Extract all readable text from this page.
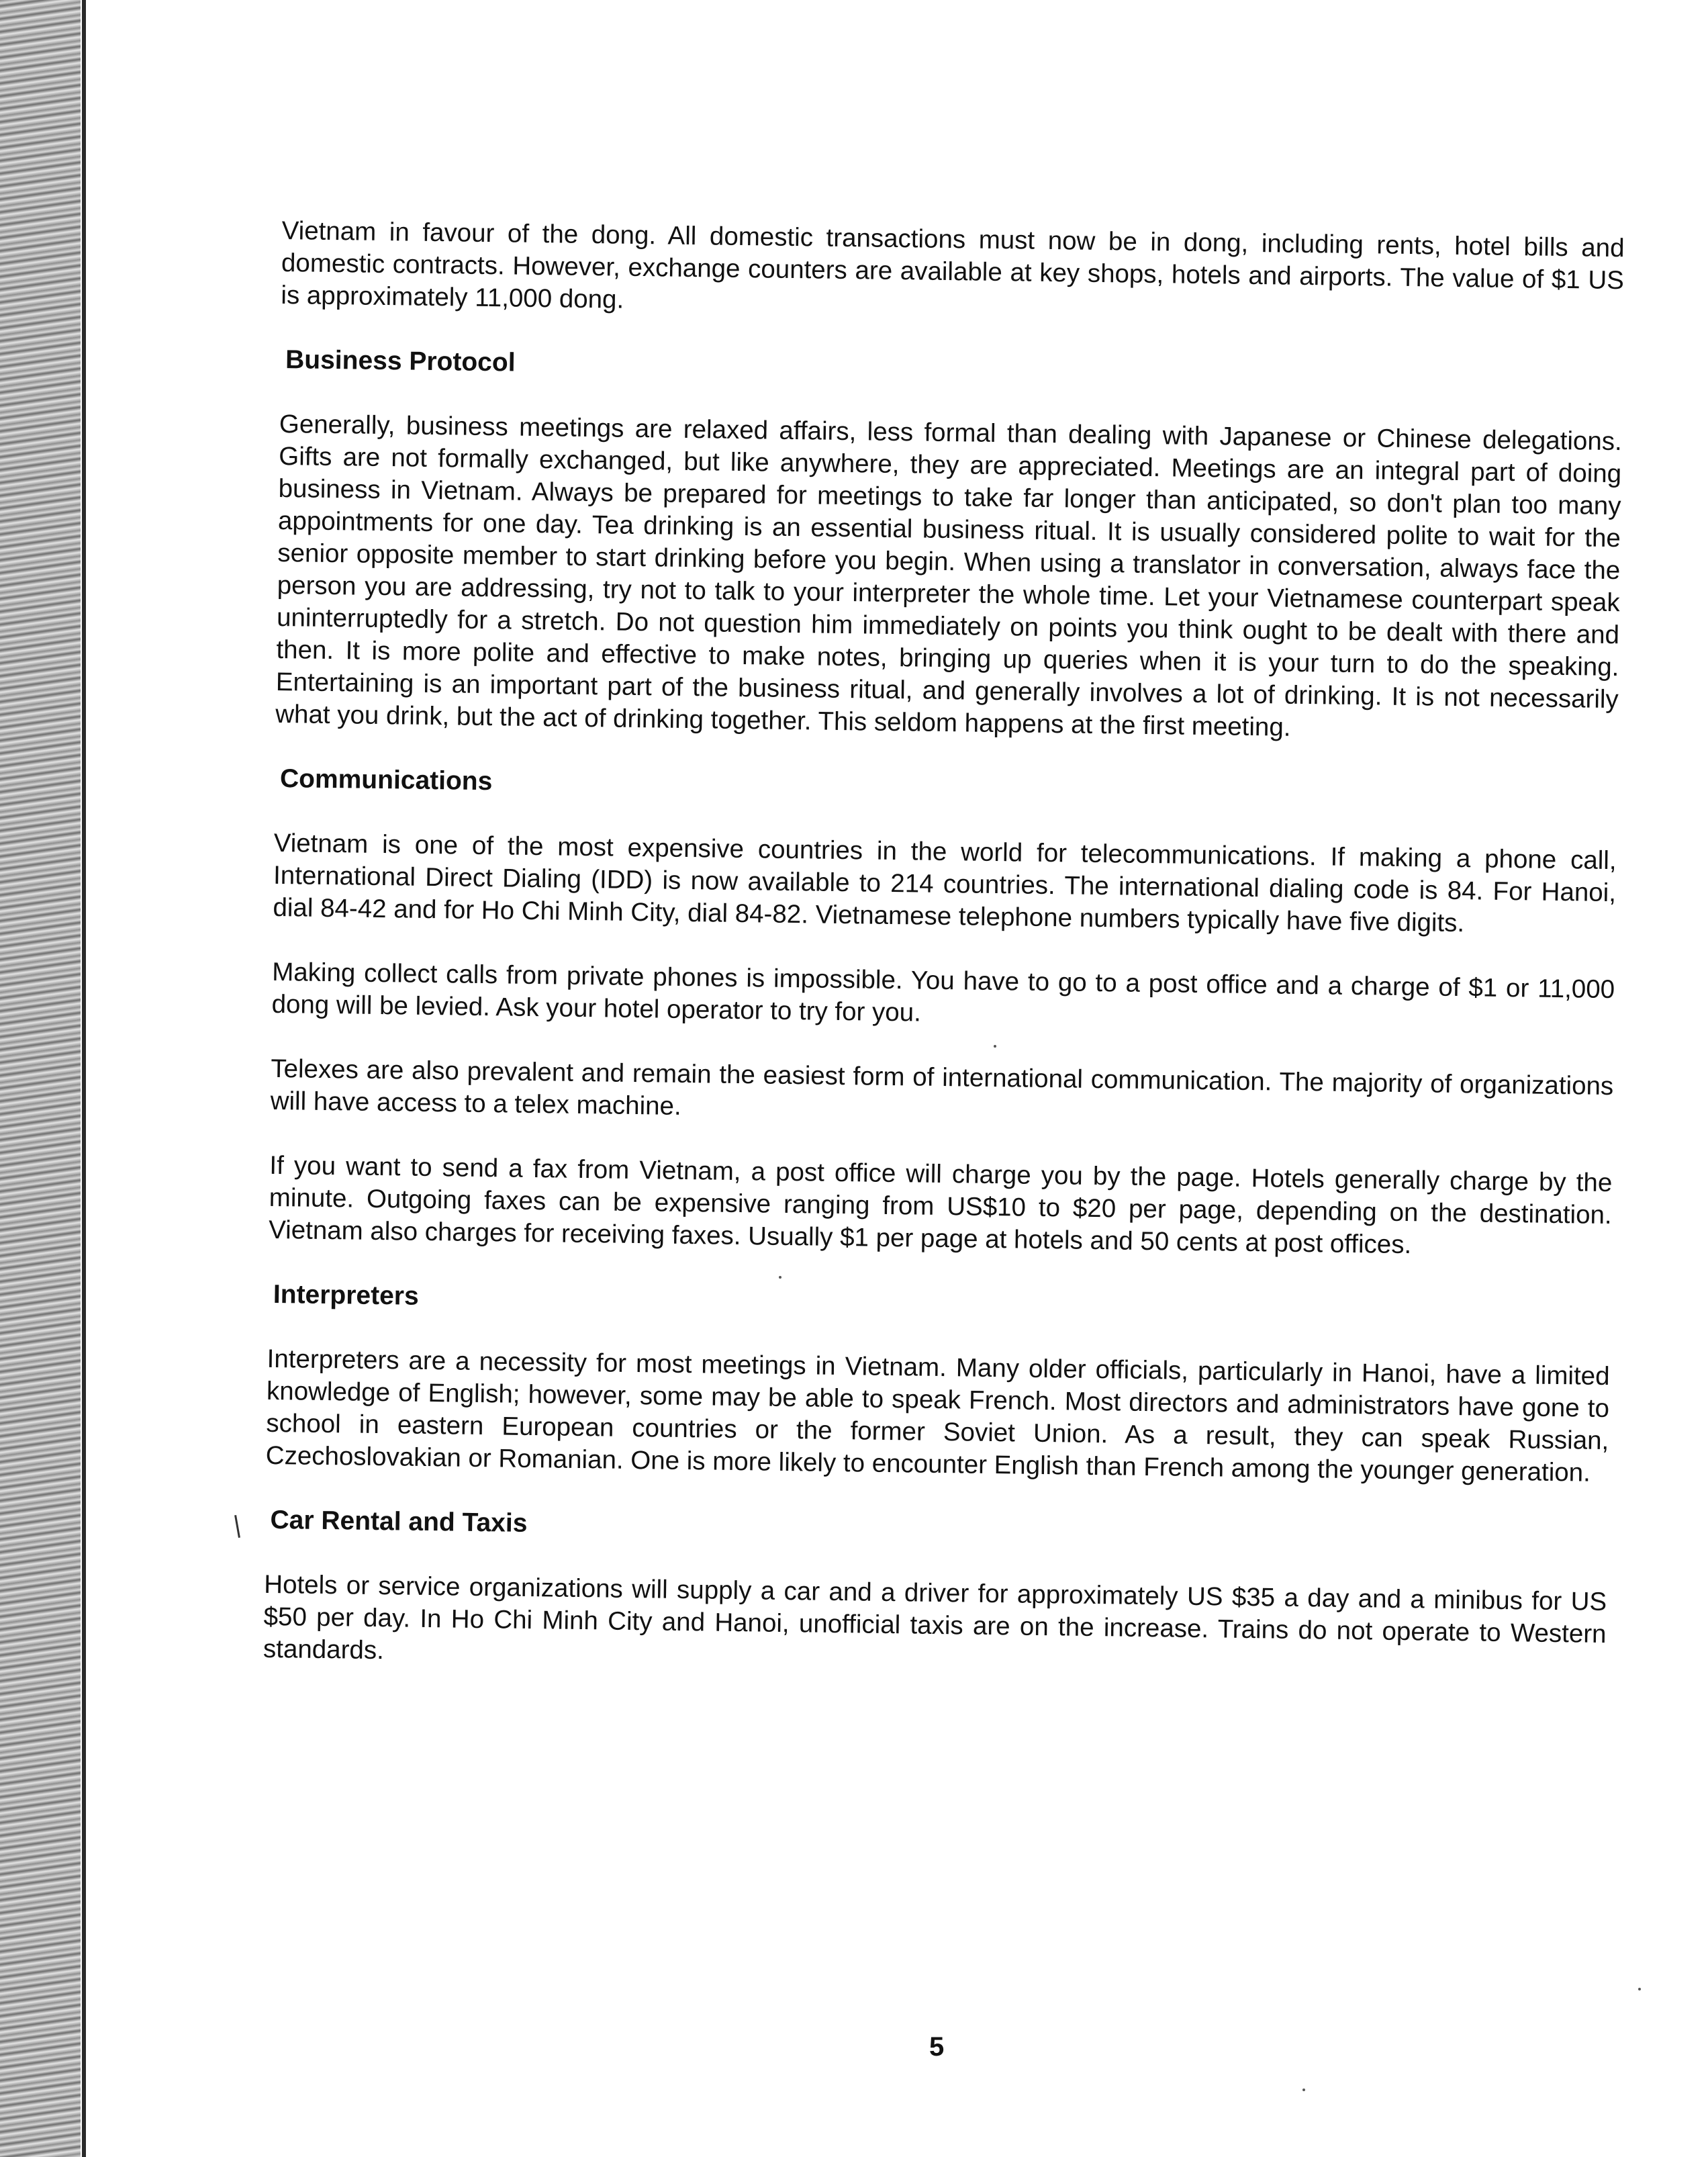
Vietnam in favour of the dong. All domestic transactions must now be in dong, including rents, hotel bills and domestic contracts. However, exchange counters are available at key shops, hotels and airports. The value of $1 US is approximately 11,000 dong.

Business Protocol

Generally, business meetings are relaxed affairs, less formal than dealing with Japanese or Chinese delegations. Gifts are not formally exchanged, but like anywhere, they are appreciated. Meetings are an integral part of doing business in Vietnam. Always be prepared for meetings to take far longer than anticipated, so don't plan too many appointments for one day. Tea drinking is an essential business ritual. It is usually considered polite to wait for the senior opposite member to start drinking before you begin. When using a translator in conversation, always face the person you are addressing, try not to talk to your interpreter the whole time. Let your Vietnamese counterpart speak uninterruptedly for a stretch. Do not question him immediately on points you think ought to be dealt with there and then. It is more polite and effective to make notes, bringing up queries when it is your turn to do the speaking. Entertaining is an important part of the business ritual, and generally involves a lot of drinking. It is not necessarily what you drink, but the act of drinking together. This seldom happens at the first meeting.

Communications

Vietnam is one of the most expensive countries in the world for telecommunications. If making a phone call, International Direct Dialing (IDD) is now available to 214 countries. The international dialing code is 84. For Hanoi, dial 84-42 and for Ho Chi Minh City, dial 84-82. Vietnamese telephone numbers typically have five digits.

Making collect calls from private phones is impossible. You have to go to a post office and a charge of $1 or 11,000 dong will be levied. Ask your hotel operator to try for you.

Telexes are also prevalent and remain the easiest form of international communication. The majority of organizations will have access to a telex machine.

If you want to send a fax from Vietnam, a post office will charge you by the page. Hotels generally charge by the minute. Outgoing faxes can be expensive ranging from US$10 to $20 per page, depending on the destination. Vietnam also charges for receiving faxes. Usually $1 per page at hotels and 50 cents at post offices.

Interpreters

Interpreters are a necessity for most meetings in Vietnam. Many older officials, particularly in Hanoi, have a limited knowledge of English; however, some may be able to speak French. Most directors and administrators have gone to school in eastern European countries or the former Soviet Union. As a result, they can speak Russian, Czechoslovakian or Romanian. One is more likely to encounter English than French among the younger generation.

Car Rental and Taxis

Hotels or service organizations will supply a car and a driver for approximately US $35 a day and a minibus for US $50 per day. In Ho Chi Minh City and Hanoi, unofficial taxis are on the increase. Trains do not operate to Western standards.

5
